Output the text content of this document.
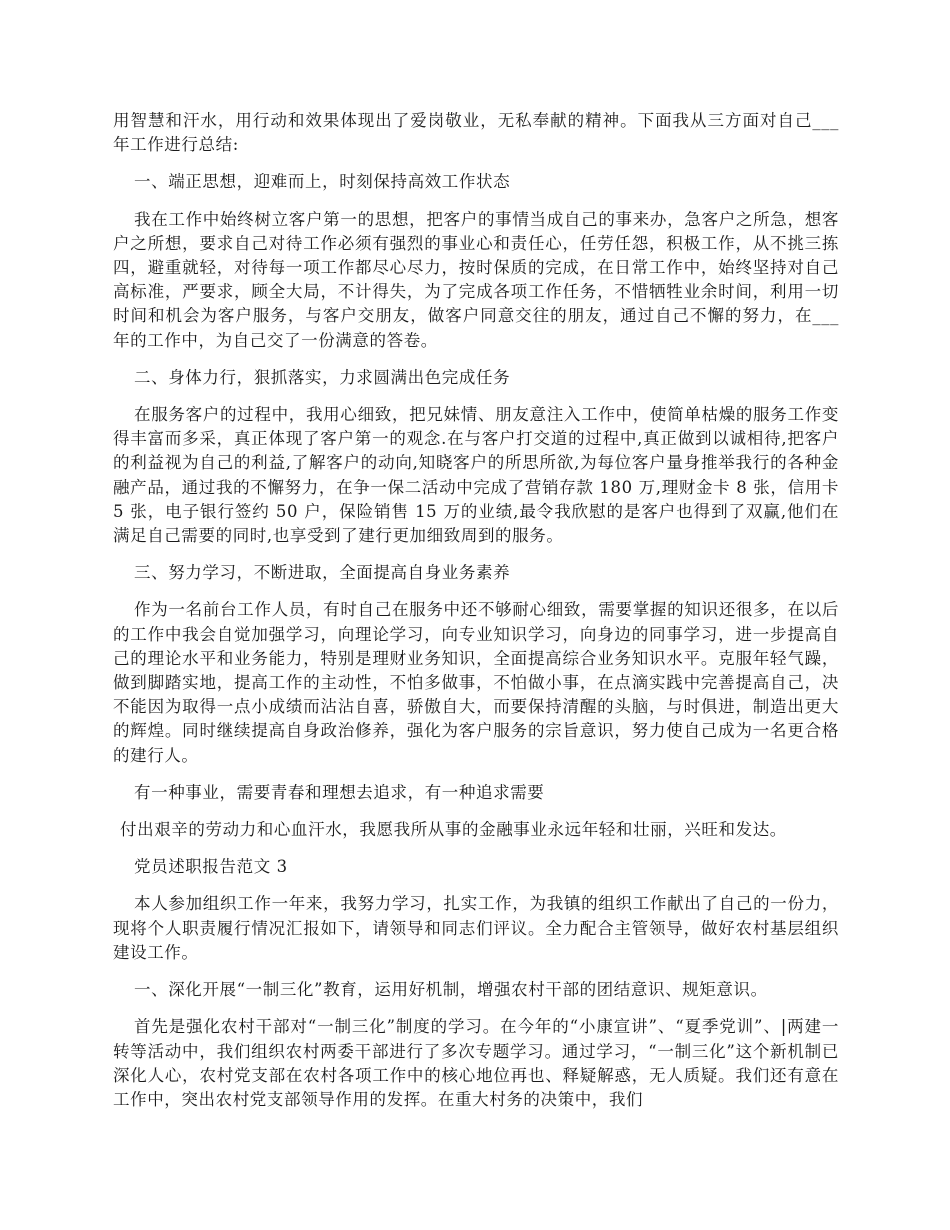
用智慧和汗水，用行动和效果体现出了爱岗敬业，无私奉献的精神。下面我从三方面对自己___年工作进行总结:

一、端正思想，迎难而上，时刻保持高效工作状态

我在工作中始终树立客户第一的思想，把客户的事情当成自己的事来办，急客户之所急，想客户之所想，要求自己对待工作必须有强烈的事业心和责任心，任劳任怨，积极工作，从不挑三拣四，避重就轻，对待每一项工作都尽心尽力，按时保质的完成，在日常工作中，始终坚持对自己高标准，严要求，顾全大局，不计得失，为了完成各项工作任务，不惜牺牲业余时间，利用一切时间和机会为客户服务，与客户交朋友，做客户同意交往的朋友，通过自己不懈的努力，在___年的工作中，为自己交了一份满意的答卷。

二、身体力行，狠抓落实，力求圆满出色完成任务

在服务客户的过程中，我用心细致，把兄妹情、朋友意注入工作中，使简单枯燥的服务工作变得丰富而多采，真正体现了客户第一的观念.在与客户打交道的过程中,真正做到以诚相待,把客户的利益视为自己的利益,了解客户的动向,知晓客户的所思所欲,为每位客户量身推举我行的各种金融产品，通过我的不懈努力，在争一保二活动中完成了营销存款 180 万,理财金卡 8 张，信用卡 5 张，电子银行签约 50 户，保险销售 15 万的业绩,最令我欣慰的是客户也得到了双赢,他们在满足自己需要的同时,也享受到了建行更加细致周到的服务。

三、努力学习，不断进取，全面提高自身业务素养

作为一名前台工作人员，有时自己在服务中还不够耐心细致，需要掌握的知识还很多，在以后的工作中我会自觉加强学习，向理论学习，向专业知识学习，向身边的同事学习，进一步提高自己的理论水平和业务能力，特别是理财业务知识，全面提高综合业务知识水平。克服年轻气躁，做到脚踏实地，提高工作的主动性，不怕多做事，不怕做小事，在点滴实践中完善提高自己，决不能因为取得一点小成绩而沾沾自喜，骄傲自大，而要保持清醒的头脑，与时俱进，制造出更大的辉煌。同时继续提高自身政治修养，强化为客户服务的宗旨意识，努力使自己成为一名更合格的建行人。

有一种事业，需要青春和理想去追求，有一种追求需要

付出艰辛的劳动力和心血汗水，我愿我所从事的金融事业永远年轻和壮丽，兴旺和发达。

党员述职报告范文 3

本人参加组织工作一年来，我努力学习，扎实工作，为我镇的组织工作献出了自己的一份力，现将个人职责履行情况汇报如下，请领导和同志们评议。全力配合主管领导，做好农村基层组织建设工作。

一、深化开展“一制三化”教育，运用好机制，增强农村干部的团结意识、规矩意识。

首先是强化农村干部对“一制三化”制度的学习。在今年的“小康宣讲”、“夏季党训”、|两建一转等活动中，我们组织农村两委干部进行了多次专题学习。通过学习，“一制三化”这个新机制已深化人心，农村党支部在农村各项工作中的核心地位再也、释疑解惑，无人质疑。我们还有意在工作中，突出农村党支部领导作用的发挥。在重大村务的决策中，我们
